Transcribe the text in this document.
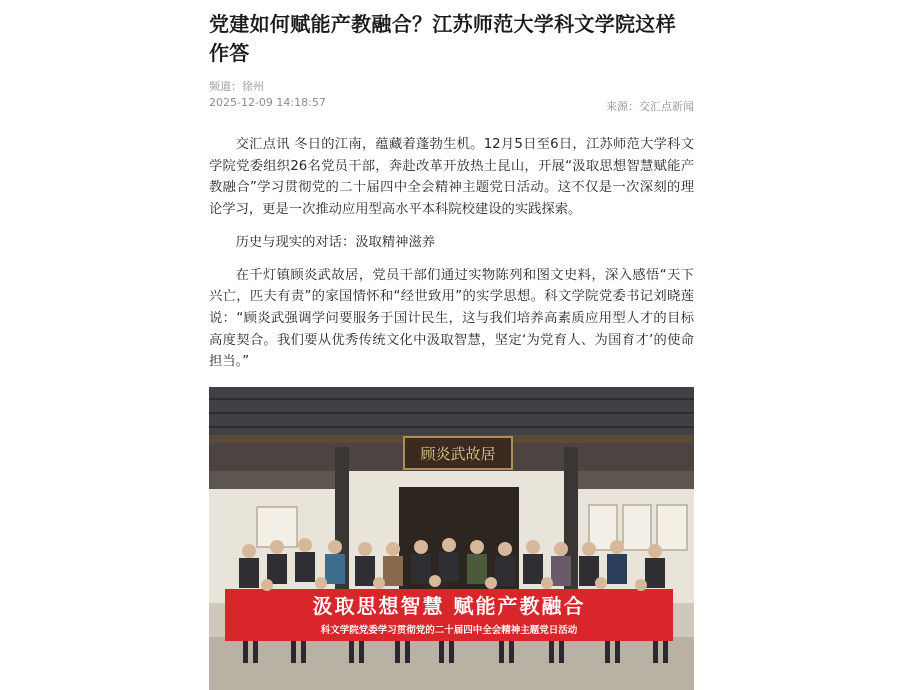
党建如何赋能产教融合？江苏师范大学科文学院这样作答
频道：徐州
2025-12-09 14:18:57	来源：交汇点新闻

交汇点讯 冬日的江南，蕴藏着蓬勃生机。12月5日至6日，江苏师范大学科文学院党委组织26名党员干部，奔赴改革开放热土昆山，开展“汲取思想智慧赋能产教融合”学习贯彻党的二十届四中全会精神主题党日活动。这不仅是一次深刻的理论学习，更是一次推动应用型高水平本科院校建设的实践探索。

历史与现实的对话：汲取精神滋养

在千灯镇顾炎武故居，党员干部们通过实物陈列和图文史料，深入感悟“天下兴亡，匹夫有责”的家国情怀和“经世致用”的实学思想。科文学院党委书记刘晓莲说：“顾炎武强调学问要服务于国计民生，这与我们培养高素质应用型人才的目标高度契合。我们要从优秀传统文化中汲取智慧，坚定‘为党育人、为国育才’的使命担当。”

顾炎武故居
汲取思想智慧 赋能产教融合
科文学院党委学习贯彻党的二十届四中全会精神主题党日活动
